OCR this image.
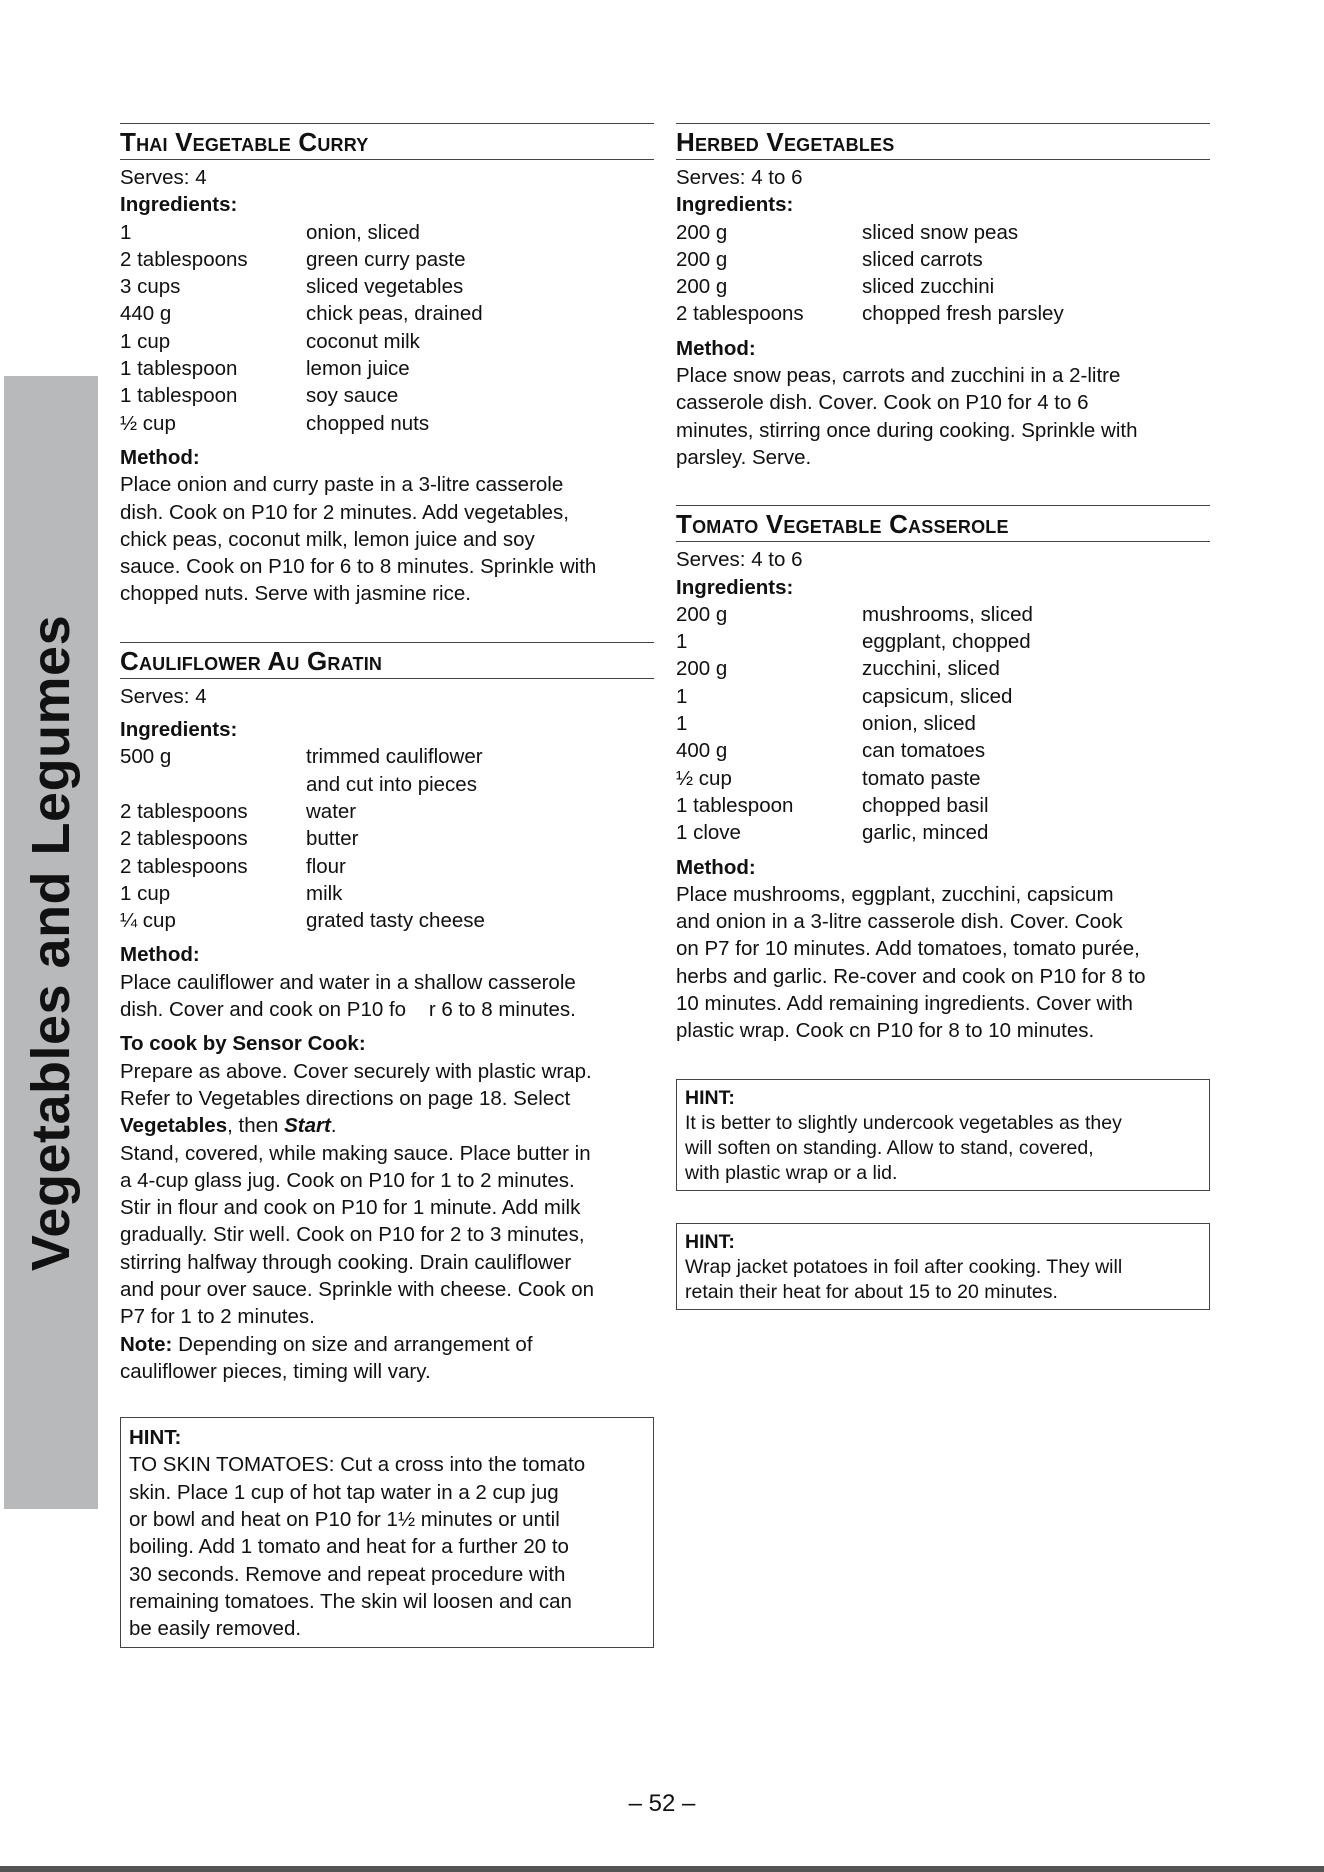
Vegetables and Legumes
Thai Vegetable Curry
Serves: 4
Ingredients:
1	onion, sliced
2 tablespoons	green curry paste
3 cups	sliced vegetables
440 g	chick peas, drained
1 cup	coconut milk
1 tablespoon	lemon juice
1 tablespoon	soy sauce
½ cup	chopped nuts
Method:
Place onion and curry paste in a 3-litre casserole
dish. Cook on P10 for 2 minutes. Add vegetables,
chick peas, coconut milk, lemon juice and soy
sauce. Cook on P10 for 6 to 8 minutes. Sprinkle with
chopped nuts. Serve with jasmine rice.
Cauliflower Au Gratin
Serves: 4
Ingredients:
500 g	trimmed cauliflower
and cut into pieces
2 tablespoons	water
2 tablespoons	butter
2 tablespoons	flour
1 cup	milk
¼ cup	grated tasty cheese
Method:
Place cauliflower and water in a shallow casserole
dish. Cover and cook on P10 fo    r 6 to 8 minutes.
To cook by Sensor Cook:
Prepare as above. Cover securely with plastic wrap.
Refer to Vegetables directions on page 18. Select
Vegetables, then Start.
Stand, covered, while making sauce. Place butter in
a 4-cup glass jug. Cook on P10 for 1 to 2 minutes.
Stir in flour and cook on P10 for 1 minute. Add milk
gradually. Stir well. Cook on P10 for 2 to 3 minutes,
stirring halfway through cooking. Drain cauliflower
and pour over sauce. Sprinkle with cheese. Cook on
P7 for 1 to 2 minutes.
Note: Depending on size and arrangement of
cauliflower pieces, timing will vary.
HINT:
TO SKIN TOMATOES: Cut a cross into the tomato
skin. Place 1 cup of hot tap water in a 2 cup jug
or bowl and heat on P10 for 1½ minutes or until
boiling. Add 1 tomato and heat for a further 20 to
30 seconds. Remove and repeat procedure with
remaining tomatoes. The skin wil loosen and can
be easily removed.
Herbed Vegetables
Serves: 4 to 6
Ingredients:
200 g	sliced snow peas
200 g	sliced carrots
200 g	sliced zucchini
2 tablespoons	chopped fresh parsley
Method:
Place snow peas, carrots and zucchini in a 2-litre
casserole dish. Cover. Cook on P10 for 4 to 6
minutes, stirring once during cooking. Sprinkle with
parsley. Serve.
Tomato Vegetable Casserole
Serves: 4 to 6
Ingredients:
200 g	mushrooms, sliced
1	eggplant, chopped
200 g	zucchini, sliced
1	capsicum, sliced
1	onion, sliced
400 g	can tomatoes
½ cup	tomato paste
1 tablespoon	chopped basil
1 clove	garlic, minced
Method:
Place mushrooms, eggplant, zucchini, capsicum
and onion in a 3-litre casserole dish. Cover. Cook
on P7 for 10 minutes. Add tomatoes, tomato purée,
herbs and garlic. Re-cover and cook on P10 for 8 to
10 minutes. Add remaining ingredients. Cover with
plastic wrap. Cook cn P10 for 8 to 10 minutes.
HINT:
It is better to slightly undercook vegetables as they
will soften on standing. Allow to stand, covered,
with plastic wrap or a lid.
HINT:
Wrap jacket potatoes in foil after cooking. They will
retain their heat for about 15 to 20 minutes.
– 52 –
